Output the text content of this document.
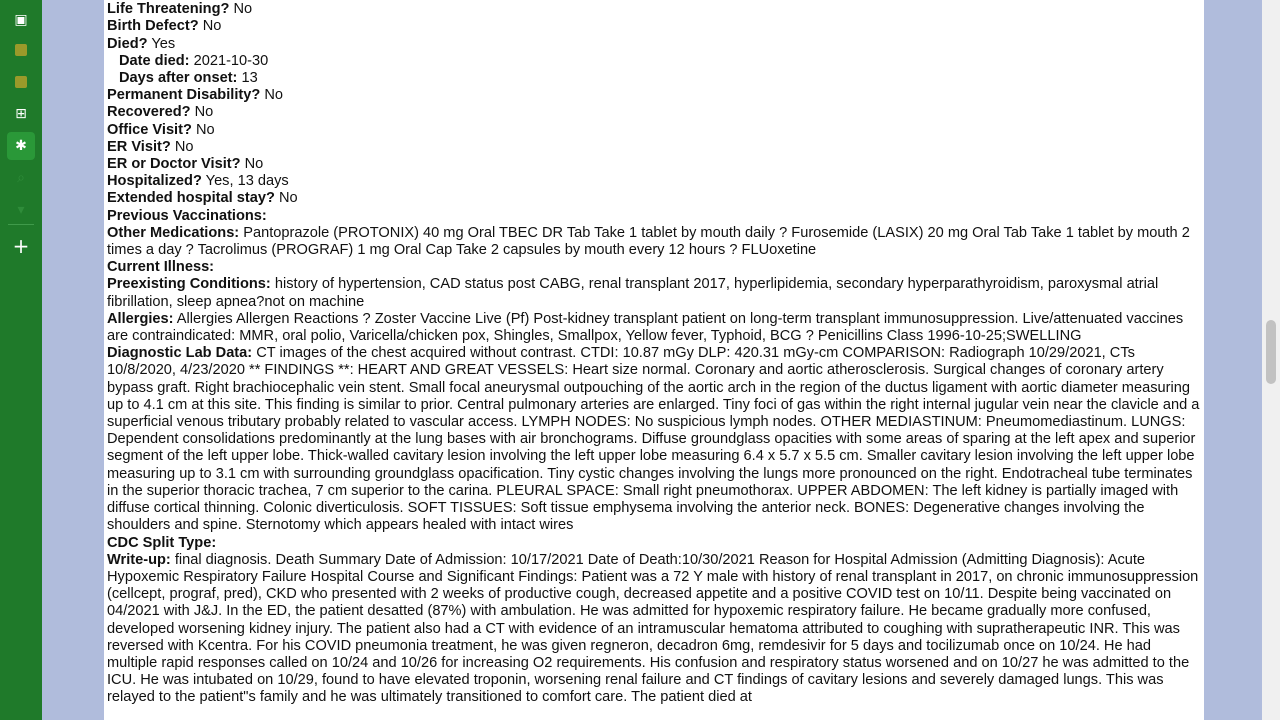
▣
⊞
✱
⌕
▾
+
Life Threatening? No
Birth Defect? No
Died? Yes
Date died: 2021-10-30
Days after onset: 13
Permanent Disability? No
Recovered? No
Office Visit? No
ER Visit? No
ER or Doctor Visit? No
Hospitalized? Yes, 13 days
Extended hospital stay? No
Previous Vaccinations:
Other Medications: Pantoprazole (PROTONIX) 40 mg Oral TBEC DR Tab Take 1 tablet by mouth daily ? Furosemide (LASIX) 20 mg Oral Tab Take 1 tablet by mouth 2 times a day ? Tacrolimus (PROGRAF) 1 mg Oral Cap Take 2 capsules by mouth every 12 hours ? FLUoxetine
Current Illness:
Preexisting Conditions: history of hypertension, CAD status post CABG, renal transplant 2017, hyperlipidemia, secondary hyperparathyroidism, paroxysmal atrial fibrillation, sleep apnea?not on machine
Allergies: Allergies Allergen Reactions ? Zoster Vaccine Live (Pf) Post-kidney transplant patient on long-term transplant immunosuppression. Live/attenuated vaccines are contraindicated: MMR, oral polio, Varicella/chicken pox, Shingles, Smallpox, Yellow fever, Typhoid, BCG ? Penicillins Class 1996-10-25;SWELLING
Diagnostic Lab Data: CT images of the chest acquired without contrast. CTDI: 10.87 mGy DLP: 420.31 mGy-cm COMPARISON: Radiograph 10/29/2021, CTs 10/8/2020, 4/23/2020 ** FINDINGS **: HEART AND GREAT VESSELS: Heart size normal. Coronary and aortic atherosclerosis. Surgical changes of coronary artery bypass graft. Right brachiocephalic vein stent. Small focal aneurysmal outpouching of the aortic arch in the region of the ductus ligament with aortic diameter measuring up to 4.1 cm at this site. This finding is similar to prior. Central pulmonary arteries are enlarged. Tiny foci of gas within the right internal jugular vein near the clavicle and a superficial venous tributary probably related to vascular access. LYMPH NODES: No suspicious lymph nodes. OTHER MEDIASTINUM: Pneumomediastinum. LUNGS: Dependent consolidations predominantly at the lung bases with air bronchograms. Diffuse groundglass opacities with some areas of sparing at the left apex and superior segment of the left upper lobe. Thick-walled cavitary lesion involving the left upper lobe measuring 6.4 x 5.7 x 5.5 cm. Smaller cavitary lesion involving the left upper lobe measuring up to 3.1 cm with surrounding groundglass opacification. Tiny cystic changes involving the lungs more pronounced on the right. Endotracheal tube terminates in the superior thoracic trachea, 7 cm superior to the carina. PLEURAL SPACE: Small right pneumothorax. UPPER ABDOMEN: The left kidney is partially imaged with diffuse cortical thinning. Colonic diverticulosis. SOFT TISSUES: Soft tissue emphysema involving the anterior neck. BONES: Degenerative changes involving the shoulders and spine. Sternotomy which appears healed with intact wires
CDC Split Type:
Write-up: final diagnosis. Death Summary Date of Admission: 10/17/2021 Date of Death:10/30/2021 Reason for Hospital Admission (Admitting Diagnosis): Acute Hypoxemic Respiratory Failure Hospital Course and Significant Findings: Patient was a 72 Y male with history of renal transplant in 2017, on chronic immunosuppression (cellcept, prograf, pred), CKD who presented with 2 weeks of productive cough, decreased appetite and a positive COVID test on 10/11. Despite being vaccinated on 04/2021 with J&J. In the ED, the patient desatted (87%) with ambulation. He was admitted for hypoxemic respiratory failure. He became gradually more confused, developed worsening kidney injury. The patient also had a CT with evidence of an intramuscular hematoma attributed to coughing with supratherapeutic INR. This was reversed with Kcentra. For his COVID pneumonia treatment, he was given regneron, decadron 6mg, remdesivir for 5 days and tocilizumab once on 10/24. He had multiple rapid responses called on 10/24 and 10/26 for increasing O2 requirements. His confusion and respiratory status worsened and on 10/27 he was admitted to the ICU. He was intubated on 10/29, found to have elevated troponin, worsening renal failure and CT findings of cavitary lesions and severely damaged lungs. This was relayed to the patient"s family and he was ultimately transitioned to comfort care. The patient died at
